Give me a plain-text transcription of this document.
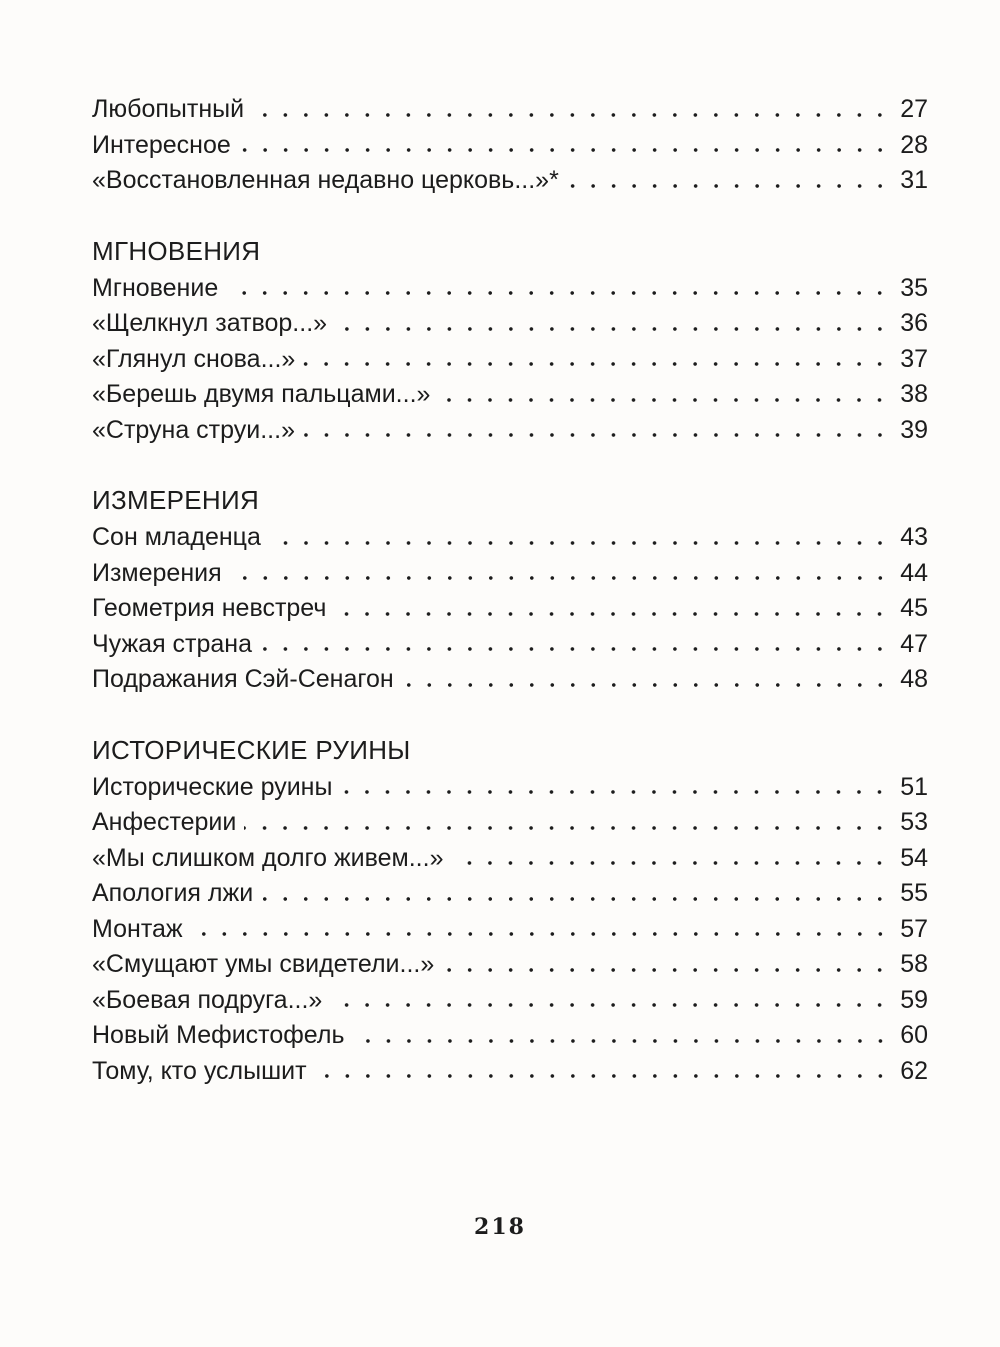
Любопытный	27
Интересное	28
«Восстановленная недавно церковь...»*	31
МГНОВЕНИЯ
Мгновение	35
«Щелкнул затвор...»	36
«Глянул снова...»	37
«Берешь двумя пальцами...»	38
«Струна струи...»	39
ИЗМЕРЕНИЯ
Сон младенца	43
Измерения	44
Геометрия невстреч	45
Чужая страна	47
Подражания Сэй-Сенагон	48
ИСТОРИЧЕСКИЕ РУИНЫ
Исторические руины	51
Анфестерии	53
«Мы слишком долго живем...»	54
Апология лжи	55
Монтаж	57
«Смущают умы свидетели...»	58
«Боевая подруга...»	59
Новый Мефистофель	60
Тому, кто услышит	62
218
